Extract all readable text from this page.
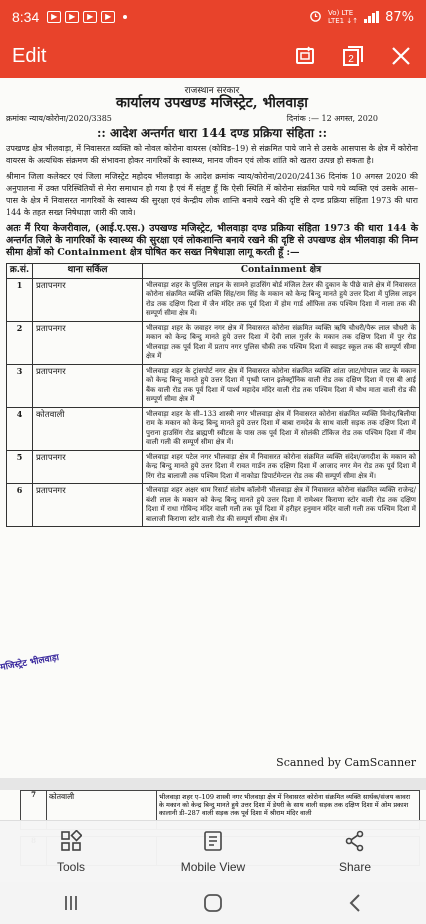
8:34	▶	▶	▶	▶	Vo) LTE
LTE1 ↓↑ 87%
Edit	2
राजस्थान सरकार
कार्यालय उपखण्ड मजिस्ट्रेट, भीलवाड़ा
क्रमांकः न्याय/कोरोना/2020/3385	दिनांक :— 12 अगस्त, 2020
:: आदेश अन्तर्गत धारा 144 दण्ड प्रक्रिया संहिता ::

उपखण्ड क्षेत्र भीलवाड़ा, में निवासरत व्यक्ति को नोवल कोरोना वायरस (कोविड–19) से संक्रमित पाये जाने से उसके आसपास के क्षेत्र में कोरोना वायरस के अत्यधिक संक्रमण की संभावना होकर नागरिकों के स्वास्थ्य, मानव जीवन एवं लोक शांति को खतरा उत्पन्न हो सकता है।

श्रीमान जिला कलेक्टर एवं जिला मजिस्ट्रेट महोदय भीलवाड़ा के आदेश क्रमांक न्याय/कोरोना/2020/24136 दिनांक 10 अगस्त 2020 की अनुपालना में उक्त परिस्थितियों से मेरा समाधान हो गया है एवं मैं संतुष्ट हूँ कि ऐसी स्थिति में कोरोना संक्रमित पाये गये व्यक्ति एवं उसके आस–पास के क्षेत्र में निवासरत नागरिकों के स्वास्थ्य की सुरक्षा एवं केन्द्रीय लोक शान्ति बनाये रखने की दृष्टि से दण्ड प्रक्रिया संहिता 1973 की धारा 144 के तहत सख्त निषेधाज्ञा जारी की जावे।

अतः मैं रिया केजरीवाल, (आई.ए.एस.) उपखण्ड मजिस्ट्रेट, भीलवाड़ा दण्ड प्रक्रिया संहिता 1973 की धारा 144 के अन्तर्गत जिले के नागरिकों के स्वास्थ्य की सुरक्षा एवं लोकशान्ति बनाये रखने की दृष्टि से उपखण्ड क्षेत्र भीलवाड़ा की निम्न सीमा क्षेत्रों को Containment क्षेत्र घोषित कर सख्त निषेधाज्ञा लागू करती हूँ :—

क्र.सं.	थाना सर्किल	Containment क्षेत्र
1	प्रतापनगर	भीलवाड़ा शहर के पुलिस लाइन के सामने हाउसिंग बोर्ड मंजिल टेलर की दुकान के पीछे वाले क्षेत्र में निवासरत कोरोना संक्रमित व्यक्ति शक्ति सिंह/राम सिंह के मकान को केन्द्र बिन्दु मानते हुये उत्तर दिशा में पुलिस लाइन रोड तक दक्षिण दिशा में जैन मंदिर तक पूर्व दिशा में होम गार्ड ऑफिस तक पश्चिम दिशा में नाला तक की सम्पूर्ण सीमा क्षेत्र में।
2	प्रतापनगर	भीलवाड़ा शहर के जवाहर नगर क्षेत्र में निवासरत कोरोना संक्रमित व्यक्ति ऋषि चौधरी/पैरू लाल चौधरी के मकान को केन्द्र बिन्दु मानते हुये उत्तर दिशा में देवी लाल गुर्जर के मकान तक दक्षिण दिशा में पुर रोड भीलवाड़ा तक पूर्व दिशा में प्रताप नगर पुलिस चौकी तक पश्चिम दिशा में स्वाइट स्कूल तक की सम्पूर्ण सीमा क्षेत्र में
3	प्रतापनगर	भीलवाड़ा शहर के ट्रांसपोर्ट नगर क्षेत्र में निवासरत कोरोना संक्रमित व्यक्ति शांता जाट/गोपाल जाट के मकान को केन्द्र बिन्दु मानते हुये उत्तर दिशा में पृथ्वी प्लान इलेक्ट्रॉनिक वाली रोड तक दक्षिण दिशा में एस बी आई बैंक वाली रोड तक पूर्व दिशा में पार्श्व महादेव मंदिर वाली रोड तक पश्चिम दिशा में चौथ माता वाली रोड की सम्पूर्ण सीमा क्षेत्र में
4	कोतवाली	भीलवाड़ा शहर के सी–133 शास्त्री नगर भीलवाड़ा क्षेत्र में निवासरत कोरोना संक्रमित व्यक्ति विनोद/बिलीया राम के मकान को केन्द्र बिन्दु मानते हुये उत्तर दिशा में बाबा रामदेव के साथ वाली सड़क तक दक्षिण दिशा में पुराना हाउसिंग रोड ब्राह्मणी स्वीटस के पास तक पूर्व दिशा में सोलंकी टॉकिज रोड तक पश्चिम दिशा में नीम वाली गली की सम्पूर्ण सीमा क्षेत्र में।
5	प्रतापनगर	भीलवाड़ा शहर पटेल नगर भीलवाड़ा क्षेत्र में निवासरत कोरोना संक्रमित व्यक्ति संदेश/जगदीश के मकान को केन्द्र बिन्दु मानते हुये उत्तर दिशा में रावत गार्डन तक दक्षिण दिशा में आजाद नगर मेन रोड तक पूर्व दिशा में रिंग रोड बालाजी तक पश्चिम दिशा में नाकोडा डिपार्टमेन्टल रोड तक की सम्पूर्ण सीमा क्षेत्र में।
6	प्रतापनगर	भीलवाड़ा शहर अक्षर धाम रिसार्ट संतोष कॉलोनी भीलवाड़ा क्षेत्र में निवासरत कोरोना संक्रमित व्यक्ति राजेन्द्र/बंशी लाल के मकान को केन्द्र बिन्दु मानते हुये उत्तर दिशा में रामेश्वर किराणा स्टोर वाली रोड तक दक्षिण दिशा में राधा गोविन्द मंदिर वाली गली तक पूर्व दिशा में हरीहर हनुमान मंदिर वाली गली तक पश्चिम दिशा में बालाजी किराणा स्टोर वाली रोड की सम्पूर्ण सीमा क्षेत्र में।
मजिस्ट्रेट भीलवाड़ा
Scanned by CamScanner
7	कोतवाली	भीलवाड़ा शहर ए–109 शास्त्री नगर भीलवाड़ा क्षेत्र में निवासरत कोरोना संक्रमित व्यक्ति सार्थक/संजय कावरा के मकान को केन्द्र बिन्दु मानते हुये उत्तर दिशा में डेयरी के साथ वाली सड़क तक दक्षिण दिशा में ओम प्रकाश कालानी डी–287 वाली सड़क तक पूर्व दिशा में श्रीराम मंदिर वाली
Tools	Mobile View	Share
